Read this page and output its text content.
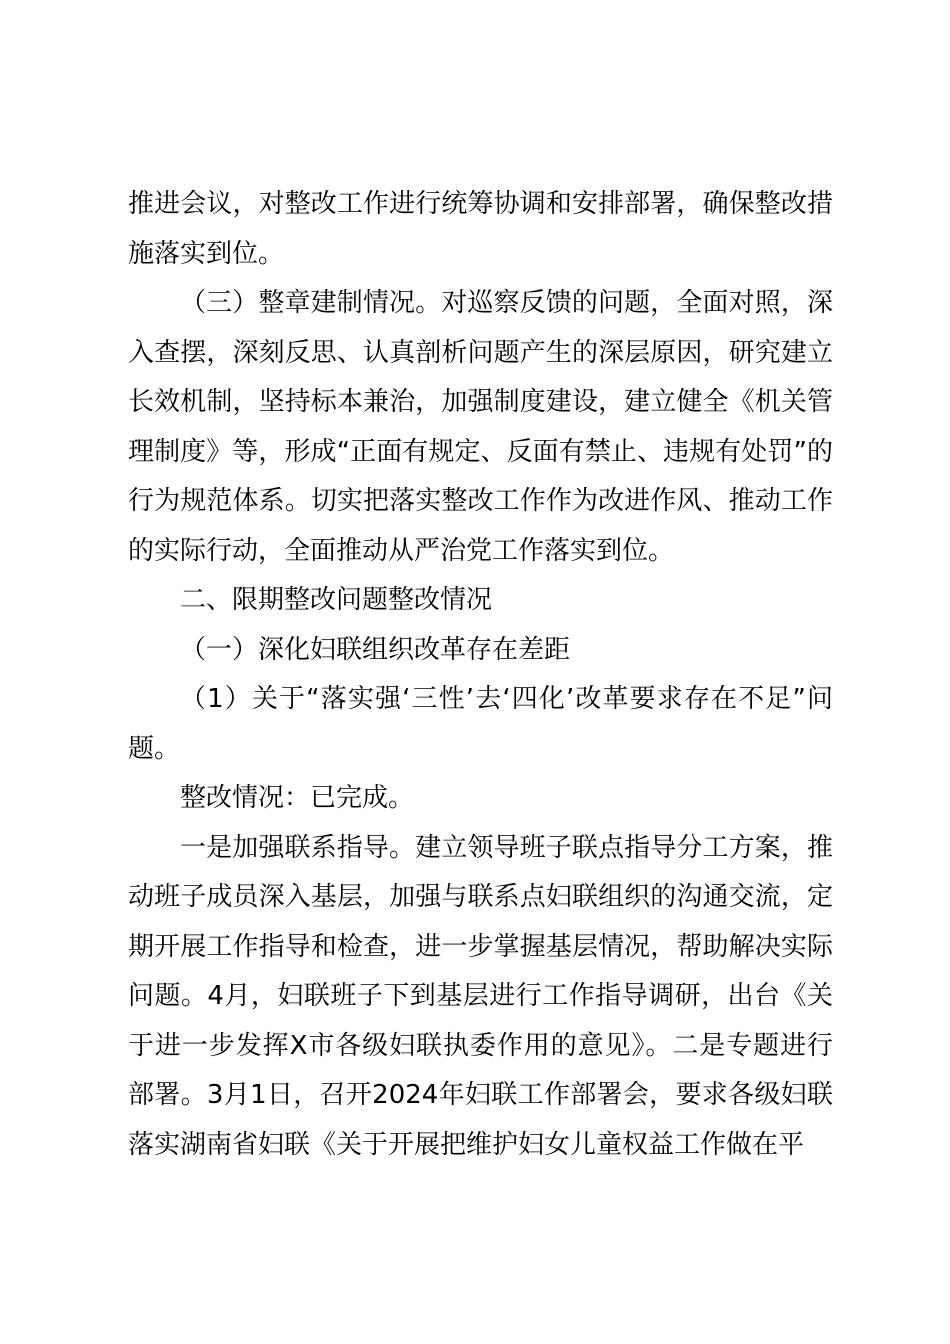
推进会议，对整改工作进行统筹协调和安排部署，确保整改措施落实到位。

（三）整章建制情况。对巡察反馈的问题，全面对照，深入查摆，深刻反思、认真剖析问题产生的深层原因，研究建立长效机制，坚持标本兼治，加强制度建设，建立健全《机关管理制度》等，形成“正面有规定、反面有禁止、违规有处罚”的行为规范体系。切实把落实整改工作作为改进作风、推动工作的实际行动，全面推动从严治党工作落实到位。

二、限期整改问题整改情况

（一）深化妇联组织改革存在差距

（1）关于“落实强‘三性’去‘四化’改革要求存在不足”问题。

整改情况：已完成。

一是加强联系指导。建立领导班子联点指导分工方案，推动班子成员深入基层，加强与联系点妇联组织的沟通交流，定期开展工作指导和检查，进一步掌握基层情况，帮助解决实际问题。4月，妇联班子下到基层进行工作指导调研，出台《关于进一步发挥X市各级妇联执委作用的意见》。二是专题进行部署。3月1日，召开2024年妇联工作部署会，要求各级妇联落实湖南省妇联《关于开展把维护妇女儿童权益工作做在平
